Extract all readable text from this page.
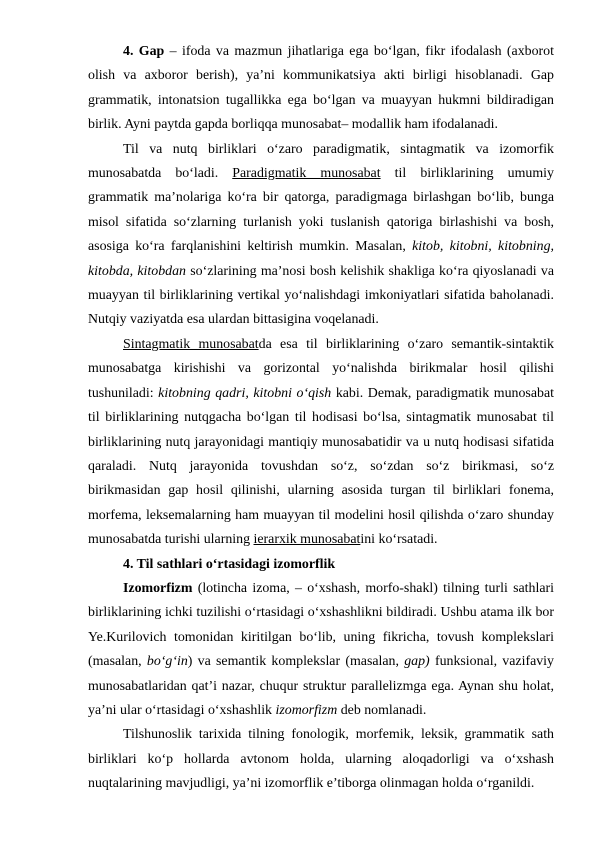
4. Gap – ifoda va mazmun jihatlariga ega bo‘lgan, fikr ifodalash (axborot olish va axboror berish), ya’ni kommunikatsiya akti birligi hisoblanadi. Gap grammatik, intonatsion tugallikka ega bo‘lgan va muayyan hukmni bildiradigan birlik. Ayni paytda gapda borliqqa munosabat– modallik ham ifodalanadi.

Til va nutq birliklari o‘zaro paradigmatik, sintagmatik va izomorfik munosabatda bo‘ladi. Paradigmatik munosabat til birliklarining umumiy grammatik ma’nolariga ko‘ra bir qatorga, paradigmaga birlashgan bo‘lib, bunga misol sifatida so‘zlarning turlanish yoki tuslanish qatoriga birlashishi va bosh, asosiga ko‘ra farqlanishini keltirish mumkin. Masalan, kitob, kitobni, kitobning, kitobda, kitobdan so‘zlarining ma’nosi bosh kelishik shakliga ko‘ra qiyoslanadi va muayyan til birliklarining vertikal yo‘nalishdagi imkoniyatlari sifatida baholanadi. Nutqiy vaziyatda esa ulardan bittasigina voqelanadi.

Sintagmatik munosabatda esa til birliklarining o‘zaro semantik-sintaktik munosabatga kirishishi va gorizontal yo‘nalishda birikmalar hosil qilishi tushuniladi: kitobning qadri, kitobni o‘qish kabi. Demak, paradigmatik munosabat til birliklarining nutqgacha bo‘lgan til hodisasi bo‘lsa, sintagmatik munosabat til birliklarining nutq jarayonidagi mantiqiy munosabatidir va u nutq hodisasi sifatida qaraladi. Nutq jarayonida tovushdan so‘z, so‘zdan so‘z birikmasi, so‘z birikmasidan gap hosil qilinishi, ularning asosida turgan til birliklari fonema, morfema, leksemalarning ham muayyan til modelini hosil qilishda o‘zaro shunday munosabatda turishi ularning ierarxik munosabatini ko‘rsatadi.

4. Til sathlari o‘rtasidagi izomorflik

Izomorfizm (lotincha izoma, – o‘xshash, morfo-shakl) tilning turli sathlari birliklarining ichki tuzilishi o‘rtasidagi o‘xshashlikni bildiradi. Ushbu atama ilk bor Ye.Kurilovich tomonidan kiritilgan bo‘lib, uning fikricha, tovush komplekslari (masalan, bo‘g‘in) va semantik komplekslar (masalan, gap) funksional, vazifaviy munosabatlaridan qat’i nazar, chuqur struktur parallelizmga ega. Aynan shu holat, ya’ni ular o‘rtasidagi o‘xshashlik izomorfizm deb nomlanadi.

Tilshunoslik tarixida tilning fonologik, morfemik, leksik, grammatik sath birliklari ko‘p hollarda avtonom holda, ularning aloqadorligi va o‘xshash nuqtalarining mavjudligi, ya’ni izomorflik e’tiborga olinmagan holda o‘rganildi.
